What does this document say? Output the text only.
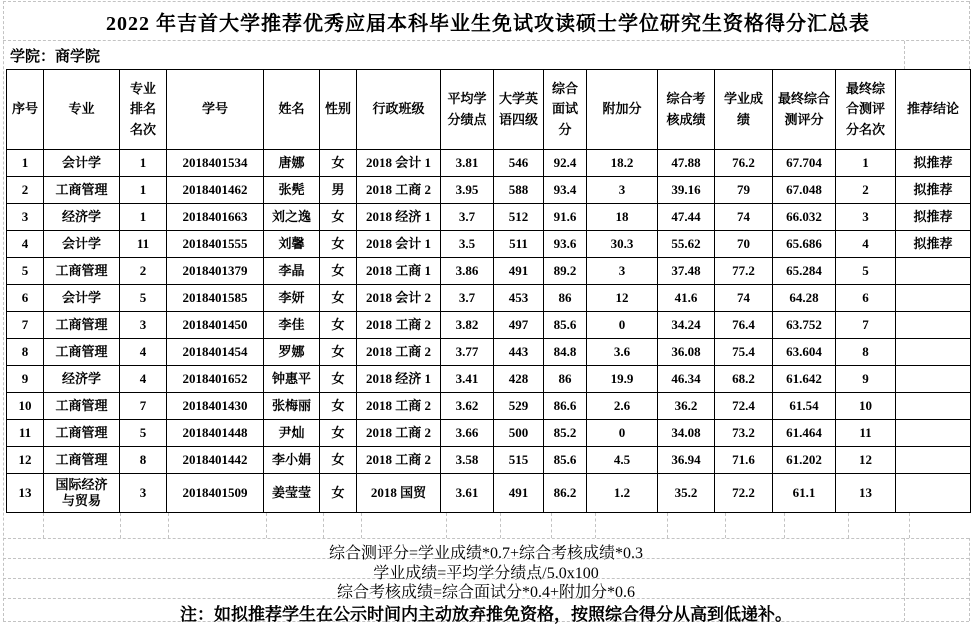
2022 年吉首大学推荐优秀应届本科毕业生免试攻读硕士学位研究生资格得分汇总表
学院：商学院
序号	专业	专业排名名次	学号	姓名	性别	行政班级	平均学分绩点	大学英语四级	综合面试分	附加分	综合考核成绩	学业成绩	最终综合测评分	最终综合测评分名次	推荐结论
1	会计学	1	2018401534	唐娜	女	2018 会计 1	3.81	546	92.4	18.2	47.88	76.2	67.704	1	拟推荐
2	工商管理	1	2018401462	张髡	男	2018 工商 2	3.95	588	93.4	3	39.16	79	67.048	2	拟推荐
3	经济学	1	2018401663	刘之逸	女	2018 经济 1	3.7	512	91.6	18	47.44	74	66.032	3	拟推荐
4	会计学	11	2018401555	刘馨	女	2018 会计 1	3.5	511	93.6	30.3	55.62	70	65.686	4	拟推荐
5	工商管理	2	2018401379	李晶	女	2018 工商 1	3.86	491	89.2	3	37.48	77.2	65.284	5	
6	会计学	5	2018401585	李妍	女	2018 会计 2	3.7	453	86	12	41.6	74	64.28	6	
7	工商管理	3	2018401450	李佳	女	2018 工商 2	3.82	497	85.6	0	34.24	76.4	63.752	7	
8	工商管理	4	2018401454	罗娜	女	2018 工商 2	3.77	443	84.8	3.6	36.08	75.4	63.604	8	
9	经济学	4	2018401652	钟惠平	女	2018 经济 1	3.41	428	86	19.9	46.34	68.2	61.642	9	
10	工商管理	7	2018401430	张梅丽	女	2018 工商 2	3.62	529	86.6	2.6	36.2	72.4	61.54	10	
11	工商管理	5	2018401448	尹灿	女	2018 工商 2	3.66	500	85.2	0	34.08	73.2	61.464	11	
12	工商管理	8	2018401442	李小娟	女	2018 工商 2	3.58	515	85.6	4.5	36.94	71.6	61.202	12	
13	国际经济与贸易	3	2018401509	姜莹莹	女	2018 国贸	3.61	491	86.2	1.2	35.2	72.2	61.1	13	
综合测评分=学业成绩*0.7+综合考核成绩*0.3
学业成绩=平均学分绩点/5.0x100
综合考核成绩=综合面试分*0.4+附加分*0.6
注：如拟推荐学生在公示时间内主动放弃推免资格，按照综合得分从高到低递补。
